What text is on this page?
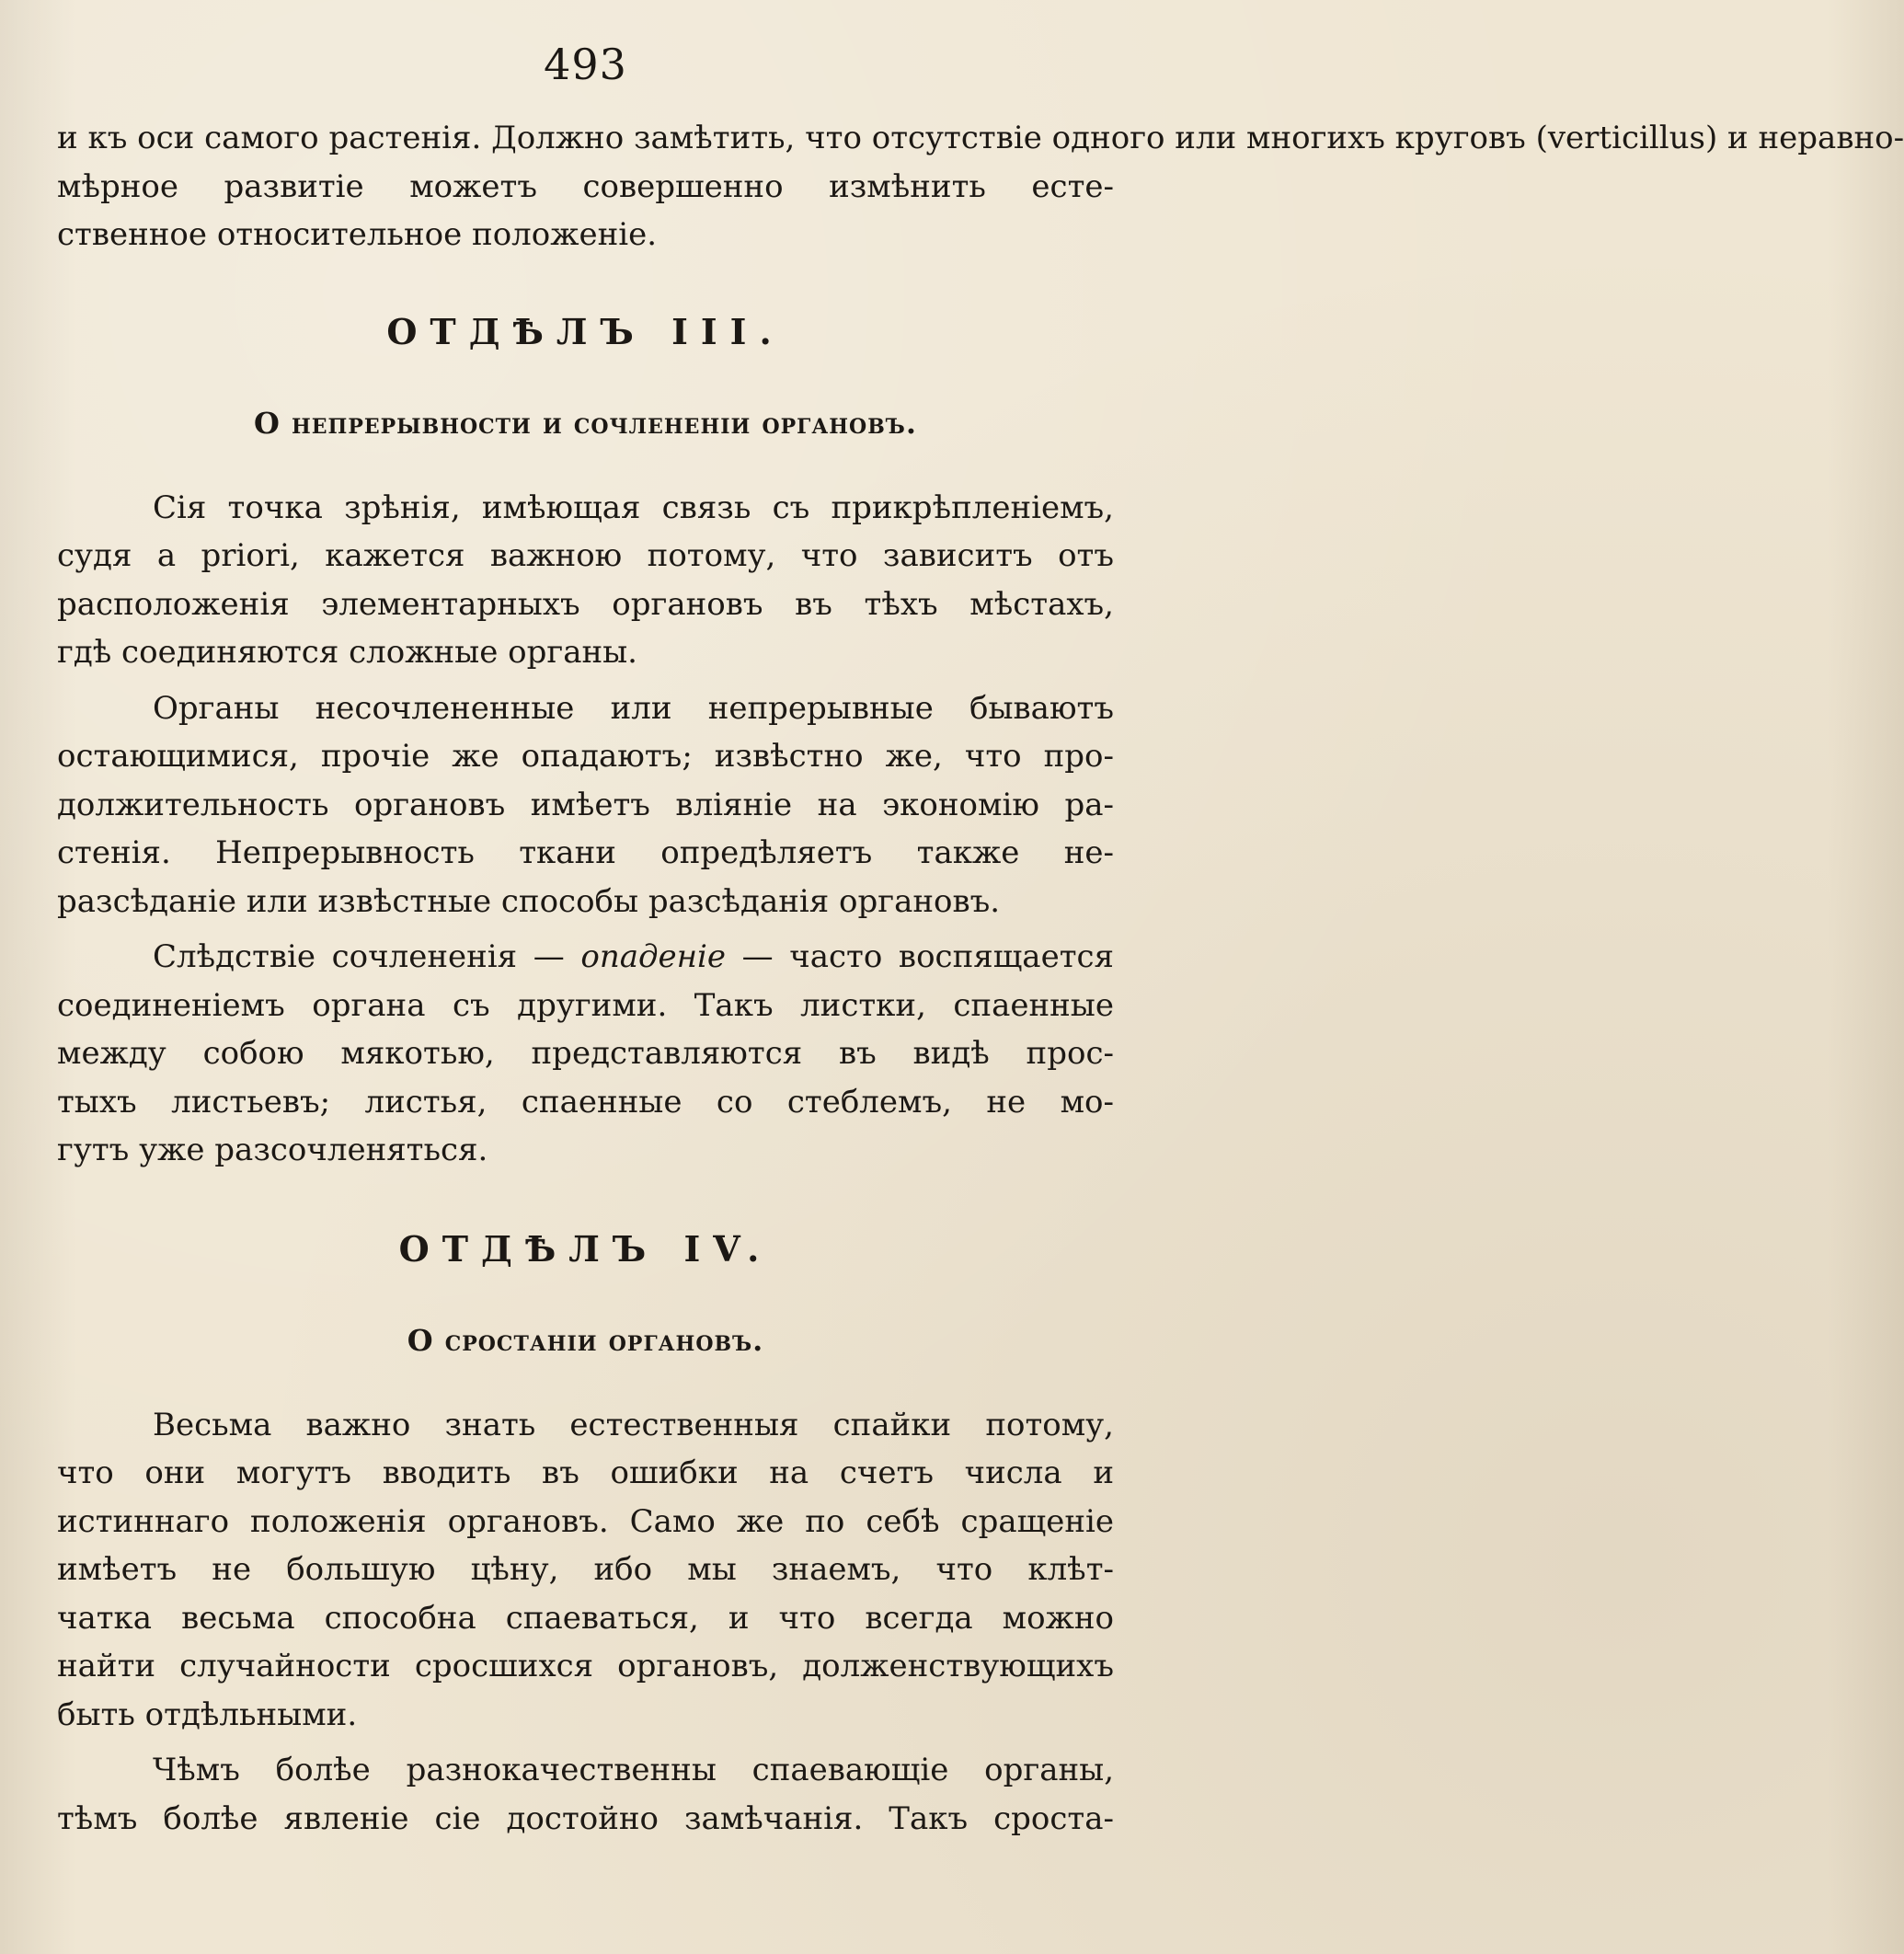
493
и къ оси самого растенія. Должно замѣтить, что отсутствіе одного или многихъ круговъ (verticillus) и неравно-
мѣрное развитіе можетъ совершенно измѣнить есте-
ственное относительное положеніе.
ОТДѢЛЪ III.
О непрерывности и сочлененіи органовъ.
Сія точка зрѣнія, имѣющая связь съ прикрѣпленіемъ,
судя a priori, кажется важною потому, что зависитъ отъ
расположенія элементарныхъ органовъ въ тѣхъ мѣстахъ,
гдѣ соединяются сложные органы.
Органы несочлененные или непрерывные бываютъ
остающимися, прочіе же опадаютъ; извѣстно же, что про-
должительность органовъ имѣетъ вліяніе на экономію ра-
стенія. Непрерывность ткани опредѣляетъ также не-
разсѣданіе или извѣстные способы разсѣданія органовъ.
Слѣдствіе сочлененія — опаденіе — часто воспящается
соединеніемъ органа съ другими. Такъ листки, спаенные
между собою мякотью, представляются въ видѣ прос-
тыхъ листьевъ; листья, спаенные со стеблемъ, не мо-
гутъ уже разсочленяться.
ОТДѢЛЪ IV.
О сростаніи органовъ.
Весьма важно знать естественныя спайки потому,
что они могутъ вводить въ ошибки на счетъ числа и
истиннаго положенія органовъ. Само же по себѣ сращеніе
имѣетъ не большую цѣну, ибо мы знаемъ, что клѣт-
чатка весьма способна спаеваться, и что всегда можно
найти случайности сросшихся органовъ, долженствующихъ
быть отдѣльными.
Чѣмъ болѣе разнокачественны спаевающіе органы,
тѣмъ болѣе явленіе сіе достойно замѣчанія. Такъ сроста-
